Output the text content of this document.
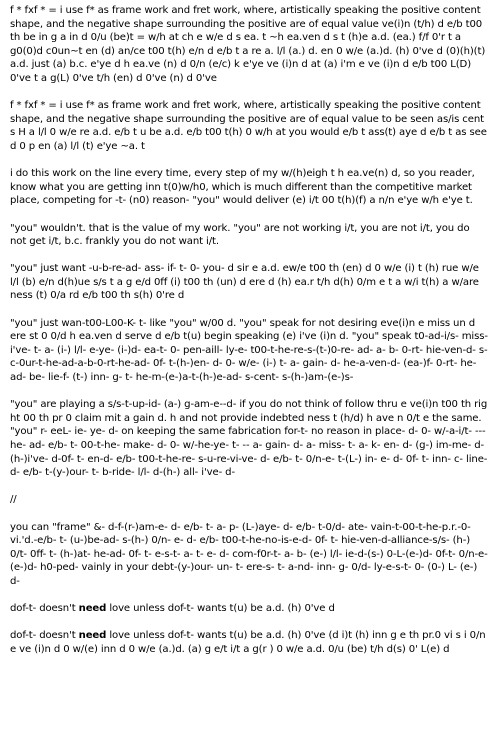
f * fxf * = i use f* as frame work and fret work, where, artistically speaking the positive content shape, and the negative shape surrounding the positive are of equal value ve(i)n (t/h) d e/b t00 th be in g a in d 0/u (be)t = w/h at ch e w/e d s ea. t ~h ea.ven d s t (h)e a.d. (ea.) f/f 0'r t a g0(0)d c0un~t en (d) an/ce t00 t(h) e/n d e/b t a re a. l/l (a.) d. en 0 w/e (a.)d. (h) 0've d (0)(h)(t) a.d. just (a) b.c. e'ye d h ea.ve (n) d 0/n (e/c) k e'ye ve (i)n d at (a) i'm e ve (i)n d e/b t00 L(D) 0've t a g(L) 0've t/h (en) d 0've (n) d 0've

f * fxf * = i use f* as frame work and fret work, where, artistically speaking the positive content shape, and the negative shape surrounding the positive are of equal value to be seen as/is cent s H a l/l 0 w/e re a.d. e/b t u be a.d. e/b t00 t(h) 0 w/h at you would e/b t ass(t) aye d e/b t as see d 0 p en (a) l/l (t) e'ye ~a. t

i do this work on the line every time, every step of my w/(h)eigh t h ea.ve(n) d, so you reader, know what you are getting inn t(0)w/h0, which is much different than the competitive market place, competing for -t- (n0) reason- "you" would deliver (e) i/t 00 t(h)(f) a n/n e'ye w/h e'ye t.

"you" wouldn't. that is the value of my work. "you" are not working i/t, you are not i/t, you do not get i/t, b.c. frankly you do not want i/t.

"you" just want -u-b-re-ad- ass- if- t- 0- you- d sir e a.d. ew/e t00 th (en) d 0 w/e (i) t (h) rue w/e l/l (b) e/n d(h)ue s/s t a g e/d 0ff (i) t00 th (un) d ere d (h) ea.r t/h d(h) 0/m e t a w/i t(h) a w/are ness (t) 0/a rd e/b t00 th s(h) 0're d

"you" just wan-t00-L00-K- t- like "you" w/00 d. "you" speak for not desiring eve(i)n e miss un d ere st 0 0/d h ea.ven d serve d e/b t(u) begin speaking (e) i've (i)n d. "you" speak t0-ad-i/s- miss- i've- t- a- (i-) l/l- e-ye- (i-)d- ea-t- 0- pen-aill- ly-e- t00-t-he-re-s-(t-)0-re- ad- a- b- 0-rt- hie-ven-d- s- c-0ur-t-he-ad-a-b-0-rt-he-ad- 0f- t-(h-)en- d- 0- w/e- (i-) t- a- gain- d- he-a-ven-d- (ea-)f- 0-rt- he- ad- be- lie-f- (t-) inn- g- t- he-m-(e-)a-t-(h-)e-ad- s-cent- s-(h-)am-(e-)s-

"you" are playing a s/s-t-up-id- (a-) g-am-e--d- if you do not think of follow thru e ve(i)n t00 th rig ht 00 th pr 0 claim mit a gain d. h and not provide indebted ness t (h/d) h ave n 0/t e the same. "you" r- eeL- ie- ye- d- on keeping the same fabrication for-t- no reason in place- d- 0- w/-a-i/t- --- he- ad- e/b- t- 00-t-he- make- d- 0- w/-he-ye- t- -- a- gain- d- a- miss- t- a- k- en- d- (g-) im-me- d-(h-)i've- d-0f- t- en-d- e/b- t00-t-he-re- s-u-re-vi-ve- d- e/b- t- 0/n-e- t-(L-) in- e- d- 0f- t- inn- c- line- d- e/b- t-(y-)our- t- b-ride- l/l- d-(h-) all- i've- d-

//

you can "frame" &- d-f-(r-)am-e- d- e/b- t- a- p- (L-)aye- d- e/b- t-0/d- ate- vain-t-00-t-he-p.r.-0-vi.'d.-e/b- t- (u-)be-ad- s-(h-) 0/n- e- d- e/b- t00-t-he-no-is-e-d- 0f- t- hie-ven-d-alliance-s/s- (h-) 0/t- 0ff- t- (h-)at- he-ad- 0f- t- e-s-t- a- t- e- d- com-f0r-t- a- b- (e-) l/l- ie-d-(s-) 0-L-(e-)d- 0f-t- 0/n-e-(e-)d- h0-ped- vainly in your debt-(y-)our- un- t- ere-s- t- a-nd- inn- g- 0/d- ly-e-s-t- 0- (0-) L- (e-) d-

dof-t- doesn't need love unless dof-t- wants t(u) be a.d. (h) 0've d

dof-t- doesn't need love unless dof-t- wants t(u) be a.d. (h) 0've (d i)t (h) inn g e th pr.0 vi s i 0/n e ve (i)n d 0 w/(e) inn d 0 w/e (a.)d. (a) g e/t i/t a g(r ) 0 w/e a.d. 0/u (be) t/h d(s) 0' L(e) d
